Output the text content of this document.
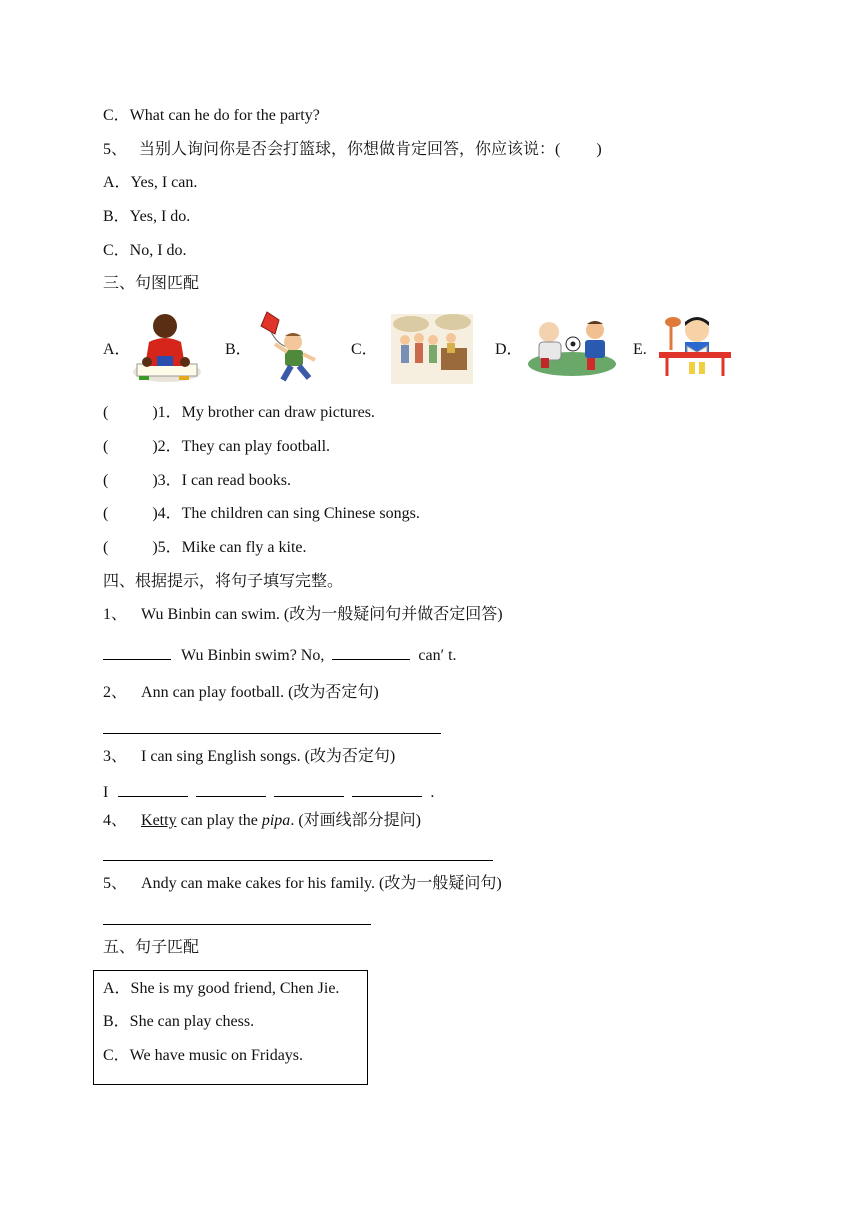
C．What can he do for the party?
5、 当别人询问你是否会打篮球，你想做肯定回答，你应该说：( )
A．Yes, I can.
B．Yes, I do.
C．No, I do.
三、句图匹配
A．	B．	C．	D．	E.
(	)1．My brother can draw pictures.
(	)2．They can play football.
(	)3．I can read books.
(	)4．The children can sing Chinese songs.
(	)5．Mike can fly a kite.
四、根据提示，将句子填写完整。
1、 Wu Binbin can swim. (改为一般疑问句并做否定回答)
Wu Binbin swim? No,	can′ t.
2、 Ann can play football. (改为否定句)
3、 I can sing English songs. (改为否定句)
I	.
4、 Ketty can play the pipa. (对画线部分提问)
5、 Andy can make cakes for his family. (改为一般疑问句)
五、句子匹配
A．She is my good friend, Chen Jie.
B．She can play chess.
C．We have music on Fridays.
